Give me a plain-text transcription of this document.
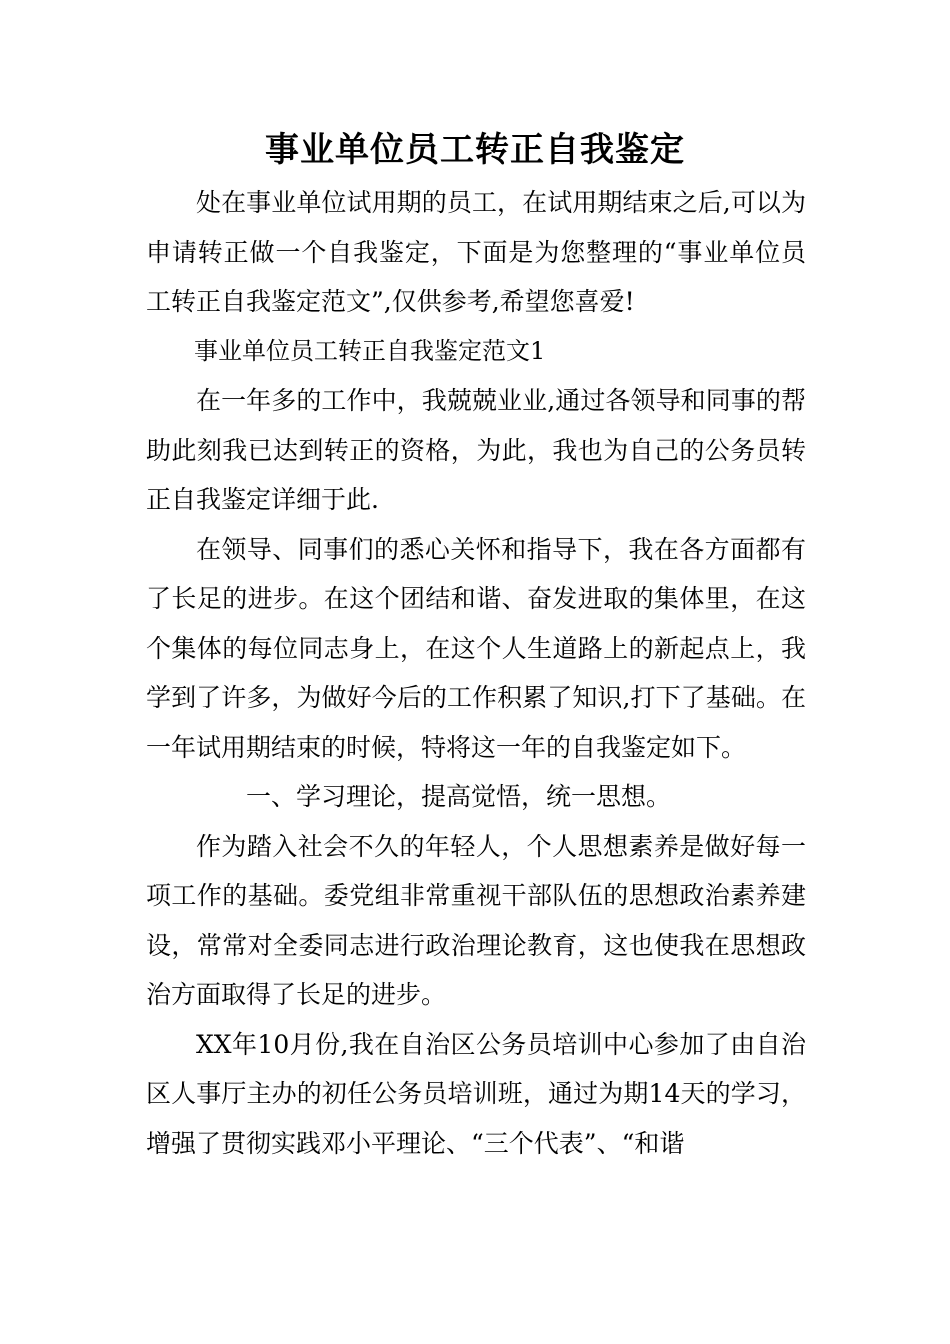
事业单位员工转正自我鉴定

处在事业单位试用期的员工，在试用期结束之后,可以为申请转正做一个自我鉴定，下面是为您整理的“事业单位员工转正自我鉴定范文”,仅供参考,希望您喜爱!

事业单位员工转正自我鉴定范文1

在一年多的工作中，我兢兢业业,通过各领导和同事的帮助此刻我已达到转正的资格，为此，我也为自己的公务员转正自我鉴定详细于此.

在领导、同事们的悉心关怀和指导下，我在各方面都有了长足的进步。在这个团结和谐、奋发进取的集体里，在这个集体的每位同志身上，在这个人生道路上的新起点上，我学到了许多，为做好今后的工作积累了知识,打下了基础。在一年试用期结束的时候，特将这一年的自我鉴定如下。

一、学习理论，提高觉悟，统一思想。

作为踏入社会不久的年轻人，个人思想素养是做好每一项工作的基础。委党组非常重视干部队伍的思想政治素养建设，常常对全委同志进行政治理论教育，这也使我在思想政治方面取得了长足的进步。

XX年10月份,我在自治区公务员培训中心参加了由自治区人事厅主办的初任公务员培训班，通过为期14天的学习，增强了贯彻实践邓小平理论、“三个代表”、“和谐
